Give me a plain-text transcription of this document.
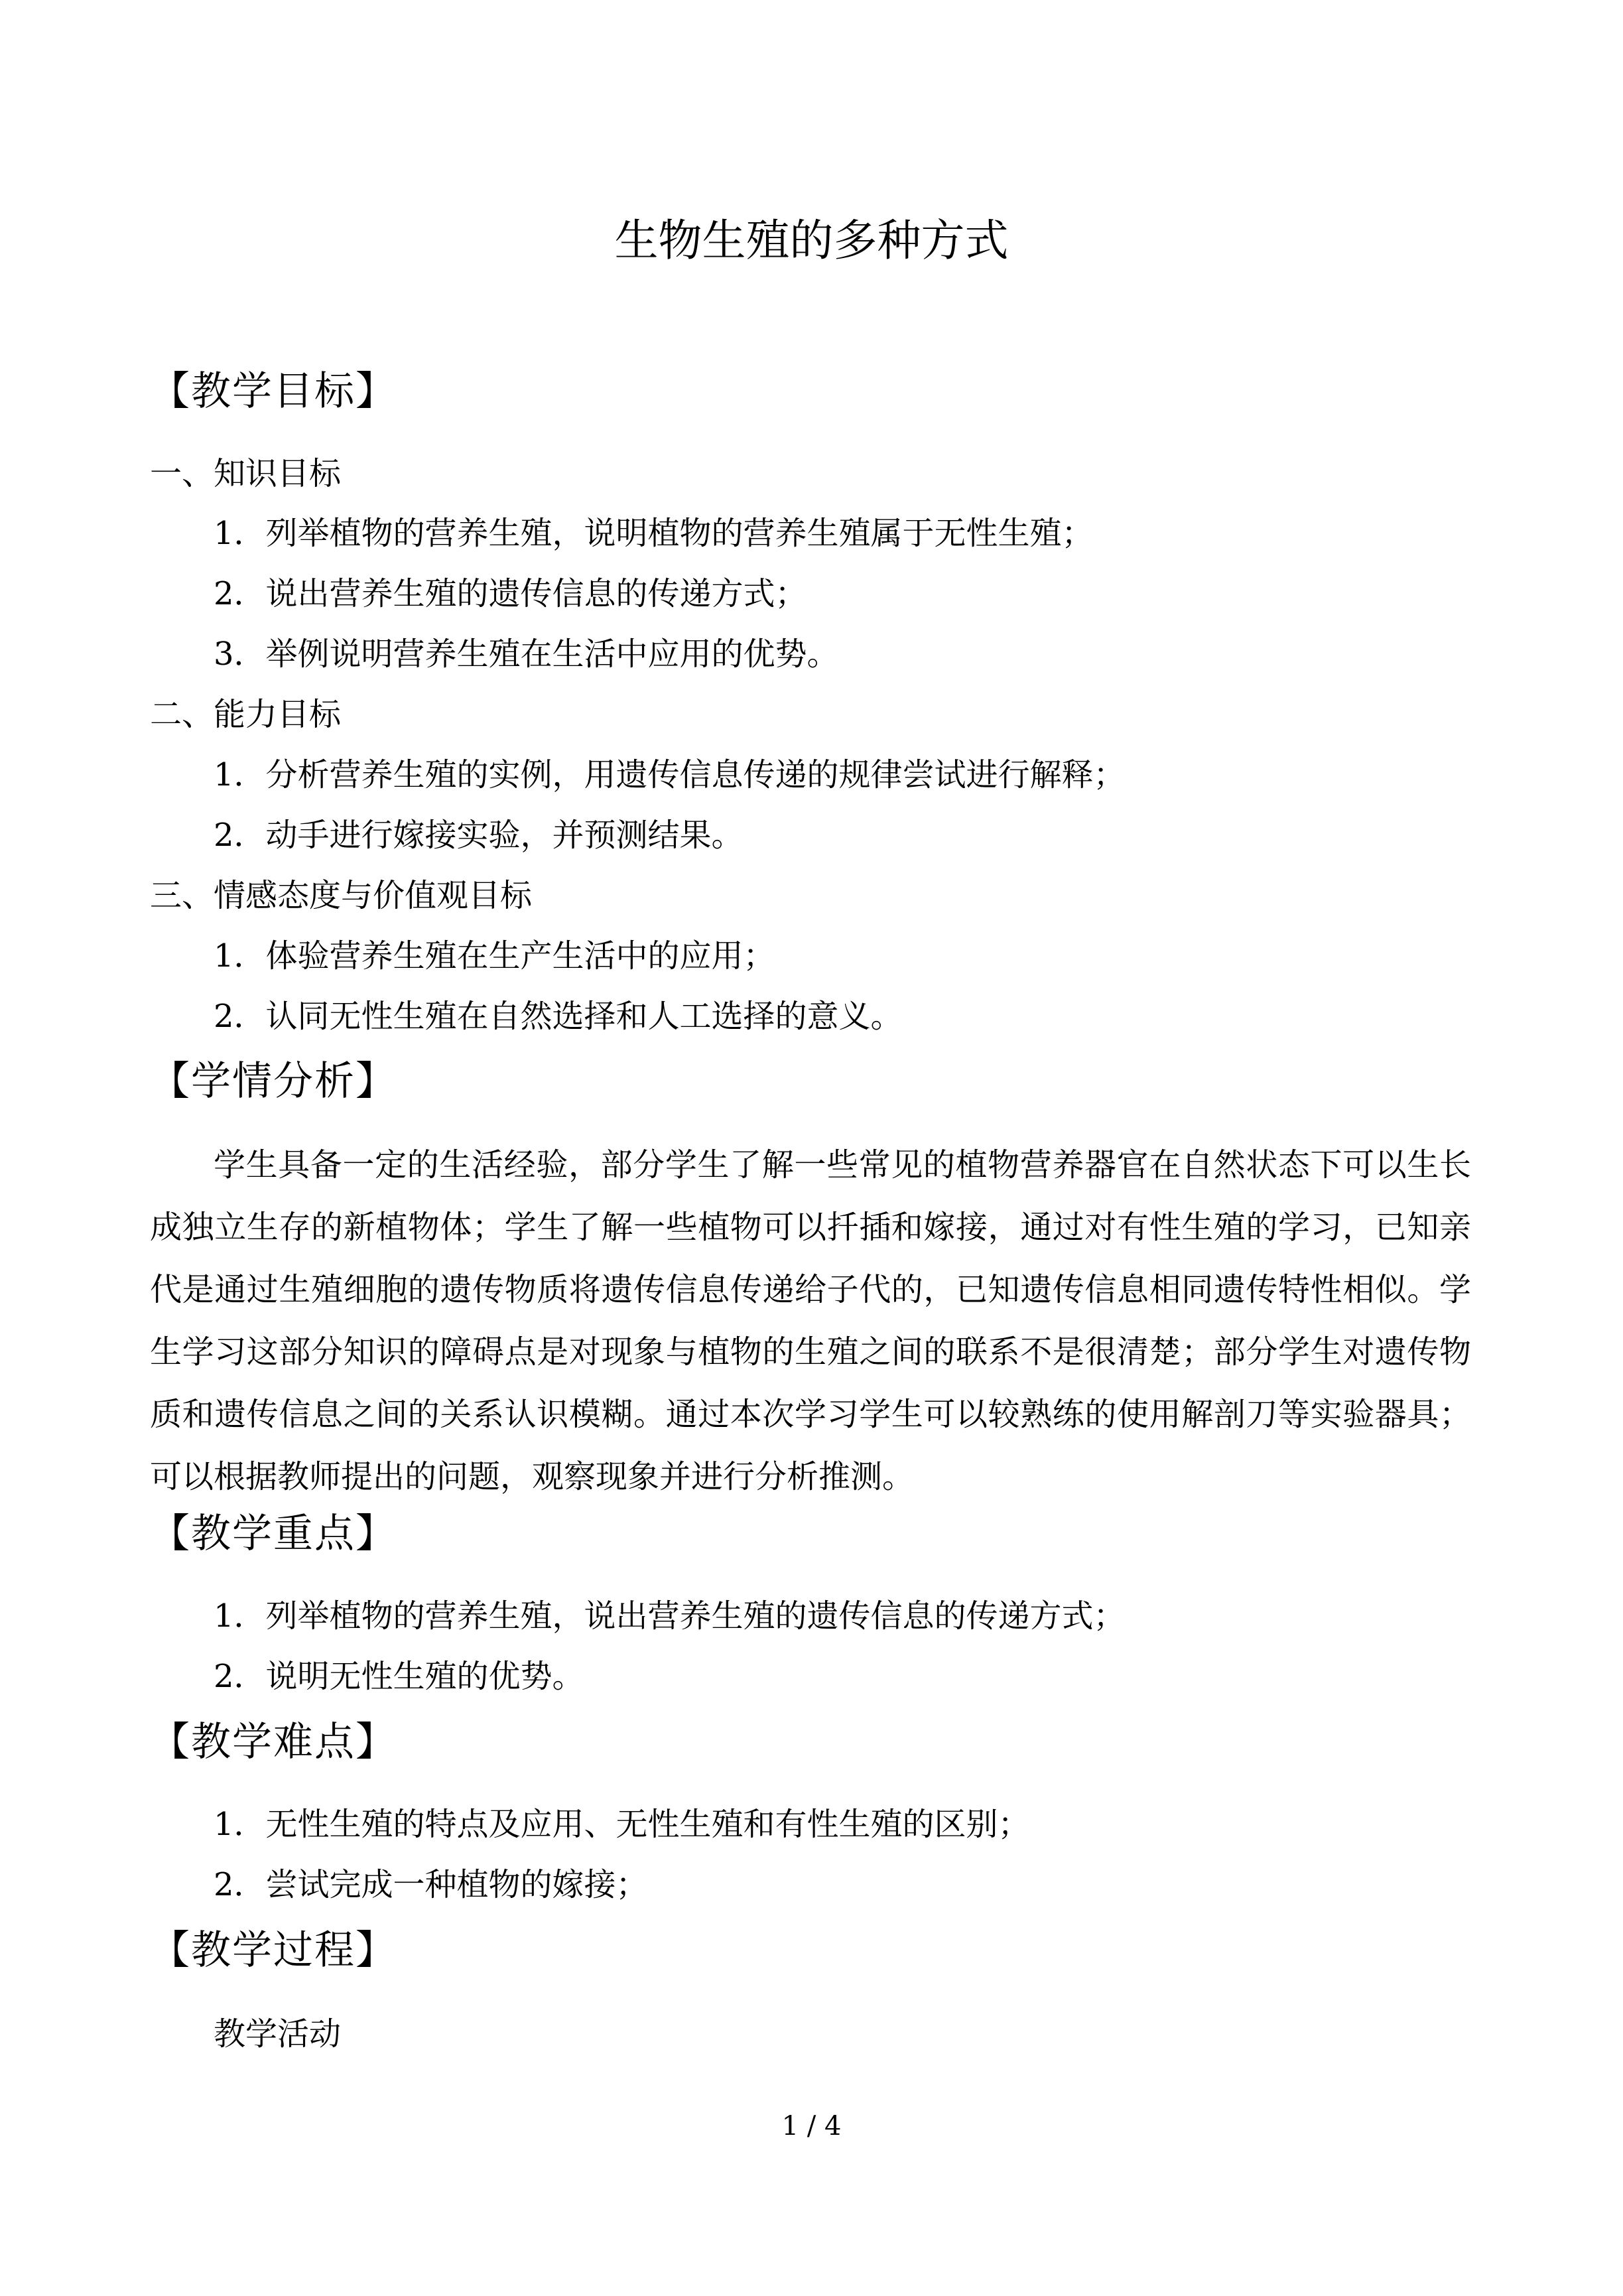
生物生殖的多种方式
【教学目标】
一、知识目标
1．列举植物的营养生殖，说明植物的营养生殖属于无性生殖；
2．说出营养生殖的遗传信息的传递方式；
3．举例说明营养生殖在生活中应用的优势。
二、能力目标
1．分析营养生殖的实例，用遗传信息传递的规律尝试进行解释；
2．动手进行嫁接实验，并预测结果。
三、情感态度与价值观目标
1．体验营养生殖在生产生活中的应用；
2．认同无性生殖在自然选择和人工选择的意义。
【学情分析】
学生具备一定的生活经验，部分学生了解一些常见的植物营养器官在自然状态下可以生长
成独立生存的新植物体；学生了解一些植物可以扦插和嫁接，通过对有性生殖的学习，已知亲
代是通过生殖细胞的遗传物质将遗传信息传递给子代的，已知遗传信息相同遗传特性相似。学
生学习这部分知识的障碍点是对现象与植物的生殖之间的联系不是很清楚；部分学生对遗传物
质和遗传信息之间的关系认识模糊。通过本次学习学生可以较熟练的使用解剖刀等实验器具；
可以根据教师提出的问题，观察现象并进行分析推测。
【教学重点】
1．列举植物的营养生殖，说出营养生殖的遗传信息的传递方式；
2．说明无性生殖的优势。
【教学难点】
1．无性生殖的特点及应用、无性生殖和有性生殖的区别；
2．尝试完成一种植物的嫁接；
【教学过程】
教学活动
1 / 4
